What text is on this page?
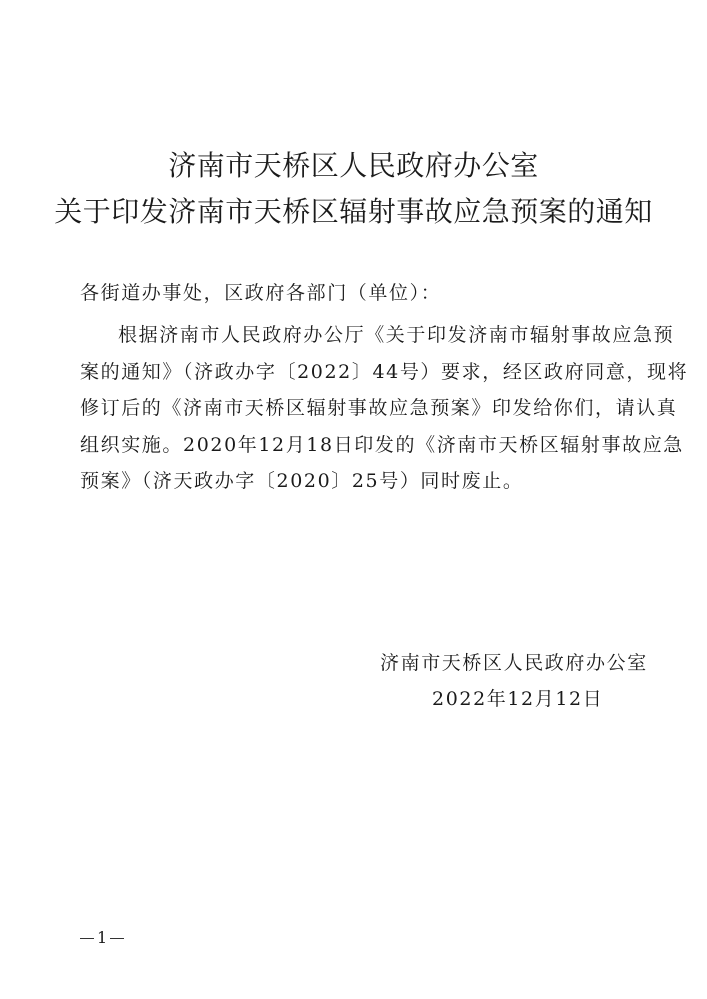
济南市天桥区人民政府办公室
关于印发济南市天桥区辐射事故应急预案的通知
各街道办事处，区政府各部门（单位）：
根据济南市人民政府办公厅《关于印发济南市辐射事故应急预
案的通知》（济政办字〔2022〕44号）要求，经区政府同意，现将
修订后的《济南市天桥区辐射事故应急预案》印发给你们，请认真
组织实施。2020年12月18日印发的《济南市天桥区辐射事故应急
预案》（济天政办字〔2020〕25号）同时废止。
济南市天桥区人民政府办公室
2022年12月12日
1
